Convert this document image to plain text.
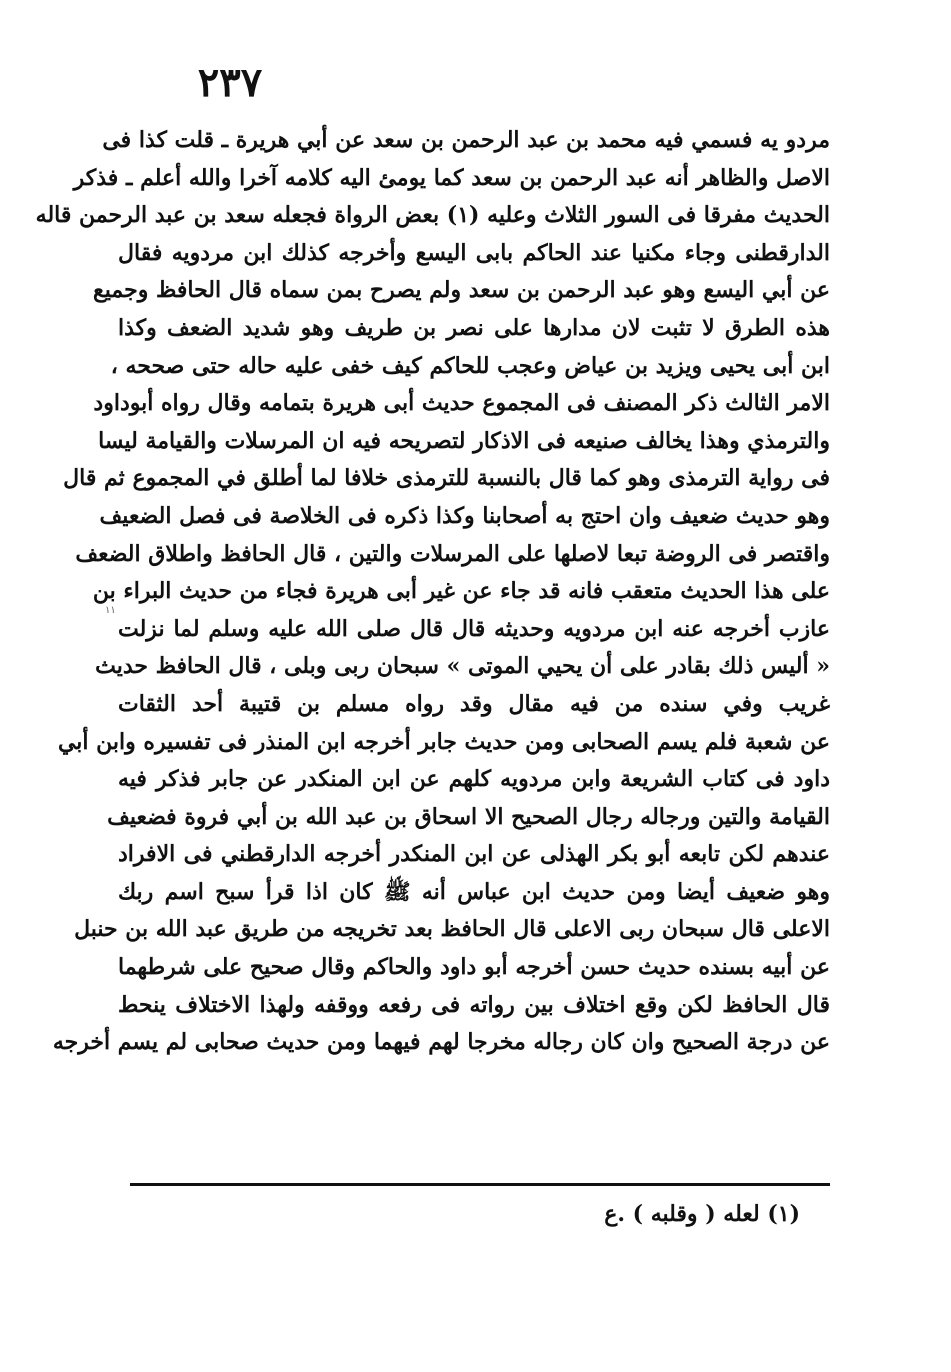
٢٣٧
مردو يه فسمي فيه محمد بن عبد الرحمن بن سعد عن أبي هريرة ـ قلت كذا فى
الاصل والظاهر أنه عبد الرحمن بن سعد كما يومئ اليه كلامه آخرا والله أعلم ـ فذكر
الحديث مفرقا فى السور الثلاث وعليه (١) بعض الرواة فجعله سعد بن عبد الرحمن قاله
الدارقطنى وجاء مكنيا عند الحاكم بابى اليسع وأخرجه كذلك ابن مردويه فقال
عن أبي اليسع وهو عبد الرحمن بن سعد ولم يصرح بمن سماه قال الحافظ وجميع
هذه الطرق لا تثبت لان مدارها على نصر بن طريف وهو شديد الضعف وكذا
ابن أبى يحيى ويزيد بن عياض وعجب للحاكم كيف خفى عليه حاله حتى صححه ،
الامر الثالث ذكر المصنف فى المجموع حديث أبى هريرة بتمامه وقال رواه أبوداود
والترمذي وهذا يخالف صنيعه فى الاذكار لتصريحه فيه ان المرسلات والقيامة ليسا
فى رواية الترمذى وهو كما قال بالنسبة للترمذى خلافا لما أطلق في المجموع ثم قال
وهو حديث ضعيف وان احتج به أصحابنا وكذا ذكره فى الخلاصة فى فصل الضعيف
واقتصر فى الروضة تبعا لاصلها على المرسلات والتين ، قال الحافظ واطلاق الضعف
على هذا الحديث متعقب فانه قد جاء عن غير أبى هريرة فجاء من حديث البراء بن
عازب أخرجه عنه ابن مردويه وحديثه قال قال صلى الله عليه وسلم لما نزلت
« أليس ذلك بقادر على أن يحيي الموتى » سبحان ربى وبلى ، قال الحافظ حديث
غريب وفي سنده من فيه مقال وقد رواه مسلم بن قتيبة أحد الثقات
عن شعبة فلم يسم الصحابى ومن حديث جابر أخرجه ابن المنذر فى تفسيره وابن أبي
داود فى كتاب الشريعة وابن مردويه كلهم عن ابن المنكدر عن جابر فذكر فيه
القيامة والتين ورجاله رجال الصحيح الا اسحاق بن عبد الله بن أبي فروة فضعيف
عندهم لكن تابعه أبو بكر الهذلى عن ابن المنكدر أخرجه الدارقطني فى الافراد
وهو ضعيف أيضا ومن حديث ابن عباس أنه ﷺ كان اذا قرأ سبح اسم ربك
الاعلى قال سبحان ربى الاعلى قال الحافظ بعد تخريجه من طريق عبد الله بن حنبل
عن أبيه بسنده حديث حسن أخرجه أبو داود والحاكم وقال صحيح على شرطهما
قال الحافظ لكن وقع اختلاف بين رواته فى رفعه ووقفه ولهذا الاختلاف ينحط
عن درجة الصحيح وان كان رجاله مخرجا لهم فيهما ومن حديث صحابى لم يسم أخرجه
١١
(١) لعله ( وقلبه ) .ع
